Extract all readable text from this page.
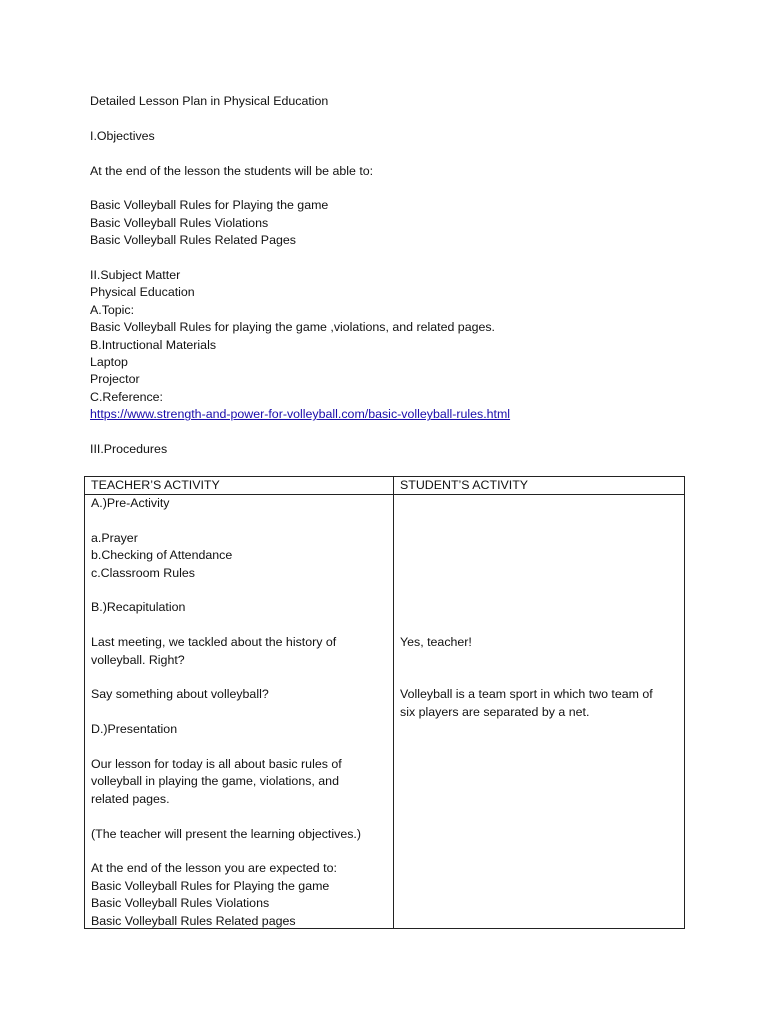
Detailed Lesson Plan in Physical Education
I.Objectives
At the end of the lesson the students will be able to:
Basic Volleyball Rules for Playing the game
Basic Volleyball Rules Violations
Basic Volleyball Rules Related Pages
II.Subject Matter
Physical Education
A.Topic:
Basic Volleyball Rules for playing the game ,violations, and related pages.
B.Intructional Materials
Laptop
Projector
C.Reference:
https://www.strength-and-power-for-volleyball.com/basic-volleyball-rules.html
III.Procedures
TEACHER’S ACTIVITY	STUDENT’S ACTIVITY
A.)Pre-Activity
a.Prayer
b.Checking of Attendance
c.Classroom Rules
B.)Recapitulation
Last meeting, we tackled about the history of
volleyball. Right?
Say something about volleyball?
D.)Presentation
Our lesson for today is all about basic rules of
volleyball in playing the game, violations, and
related pages.
(The teacher will present the learning objectives.)
At the end of the lesson you are expected to:
Basic Volleyball Rules for Playing the game
Basic Volleyball Rules Violations
Basic Volleyball Rules Related pages
Yes, teacher!
Volleyball is a team sport in which two team of
six players are separated by a net.
